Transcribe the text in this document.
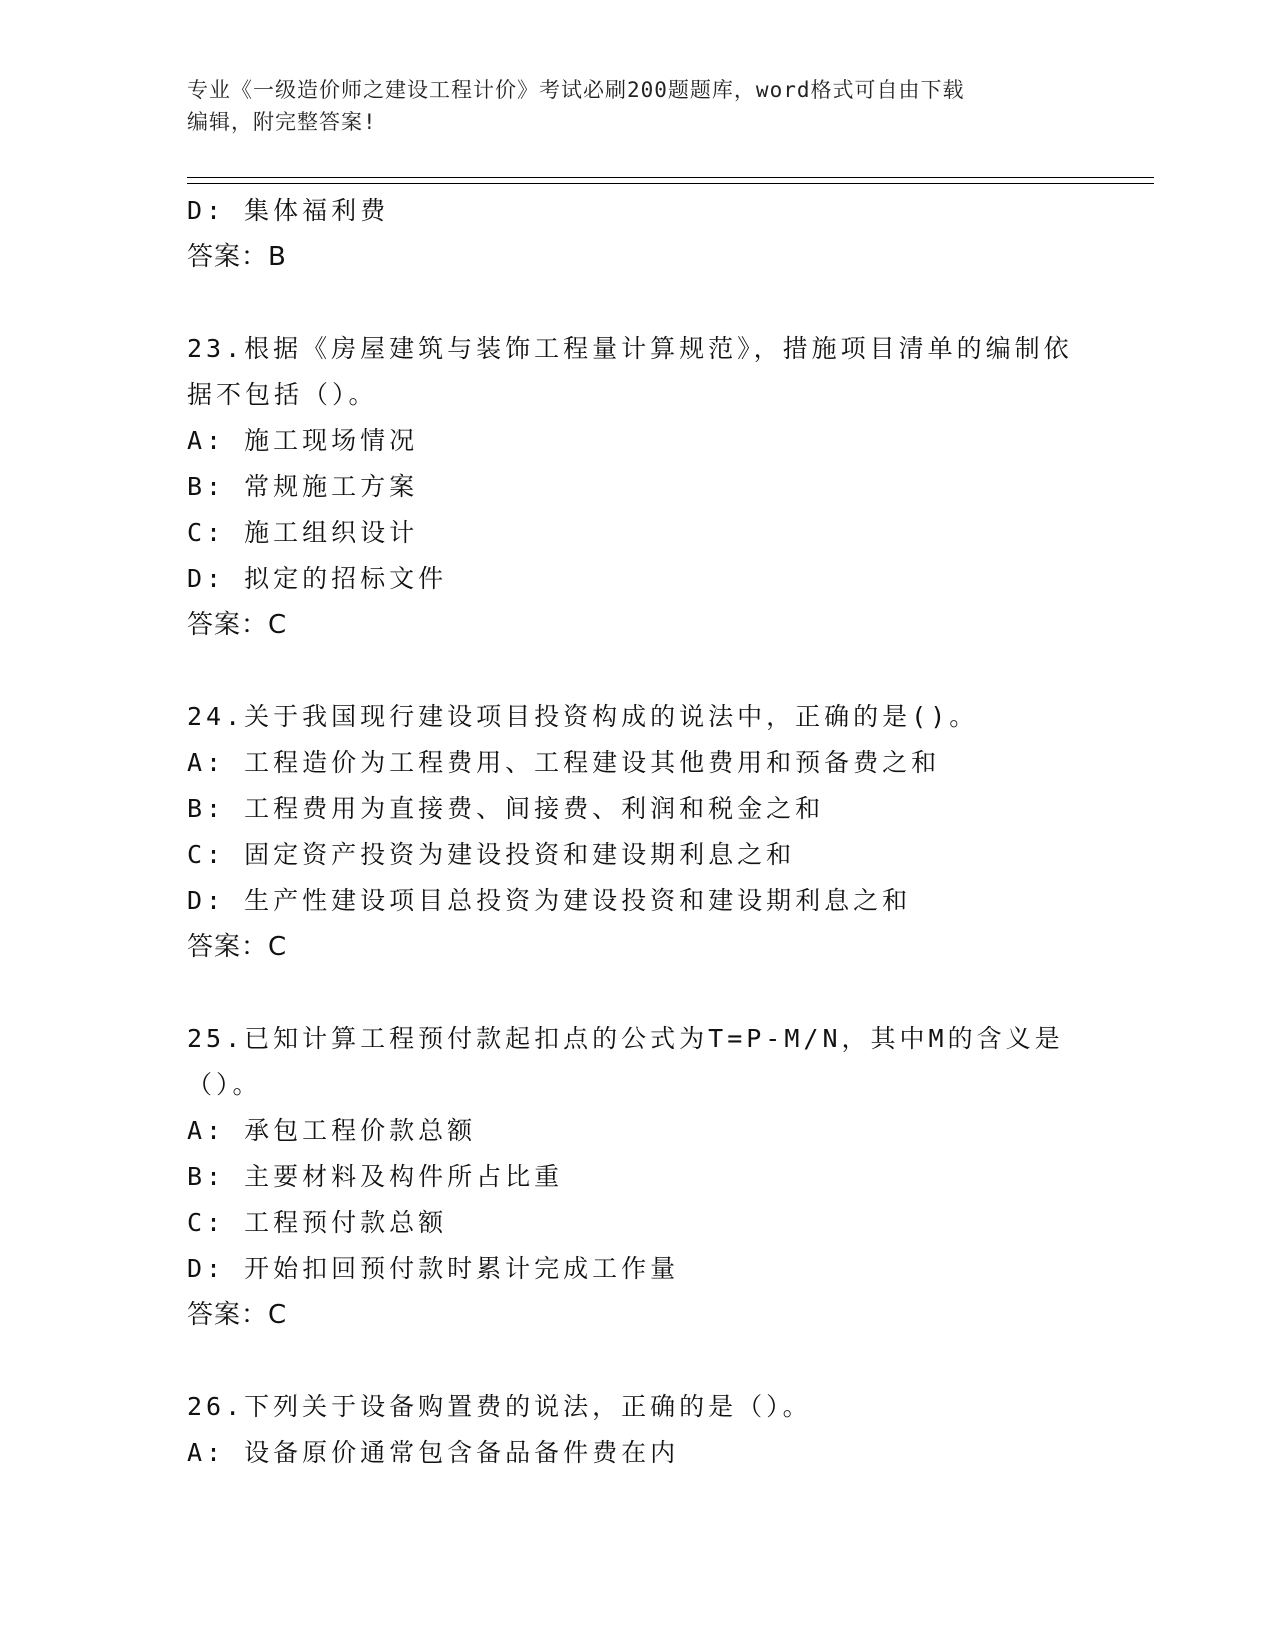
专业《一级造价师之建设工程计价》考试必刷200题题库，word格式可自由下载
编辑，附完整答案!
D: 集体福利费
答案：B
23.根据《房屋建筑与装饰工程量计算规范》，措施项目清单的编制依
据不包括（）。
A: 施工现场情况
B: 常规施工方案
C: 施工组织设计
D: 拟定的招标文件
答案：C
24.关于我国现行建设项目投资构成的说法中，正确的是()。
A: 工程造价为工程费用、工程建设其他费用和预备费之和
B: 工程费用为直接费、间接费、利润和税金之和
C: 固定资产投资为建设投资和建设期利息之和
D: 生产性建设项目总投资为建设投资和建设期利息之和
答案：C
25.已知计算工程预付款起扣点的公式为T=P-M/N，其中M的含义是
（）。
A: 承包工程价款总额
B: 主要材料及构件所占比重
C: 工程预付款总额
D: 开始扣回预付款时累计完成工作量
答案：C
26.下列关于设备购置费的说法，正确的是（）。
A: 设备原价通常包含备品备件费在内
